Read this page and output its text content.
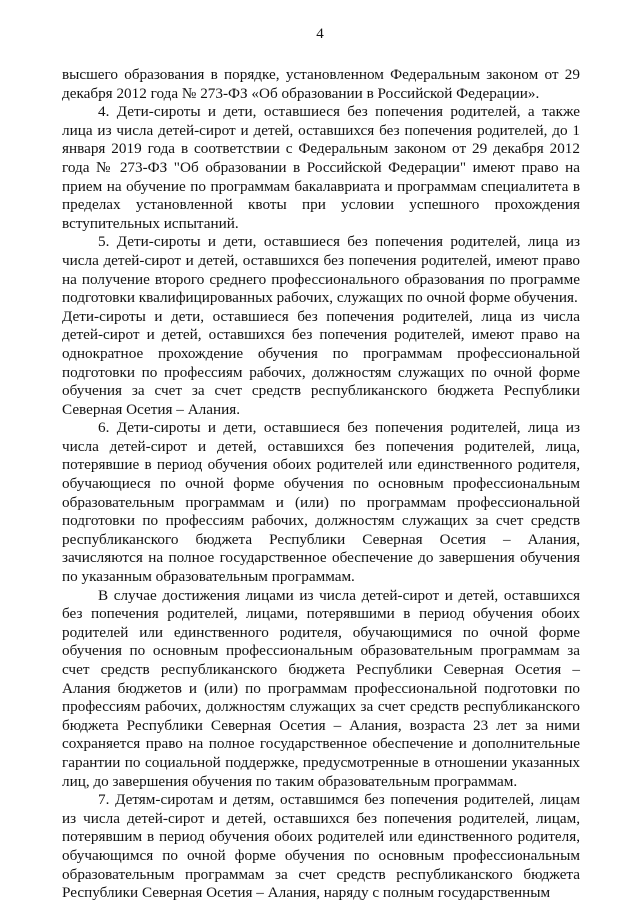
4

высшего образования в порядке, установленном Федеральным законом от 29 декабря 2012 года № 273-ФЗ «Об образовании в Российской Федерации».

4. Дети-сироты и дети, оставшиеся без попечения родителей, а также лица из числа детей-сирот и детей, оставшихся без попечения родителей, до 1 января 2019 года в соответствии с Федеральным законом от 29 декабря 2012 года № 273-ФЗ "Об образовании в Российской Федерации" имеют право на прием на обучение по программам бакалавриата и программам специалитета в пределах установленной квоты при условии успешного прохождения вступительных испытаний.

5. Дети-сироты и дети, оставшиеся без попечения родителей, лица из числа детей-сирот и детей, оставшихся без попечения родителей, имеют право на получение второго среднего профессионального образования по программе подготовки квалифицированных рабочих, служащих по очной форме обучения.

Дети-сироты и дети, оставшиеся без попечения родителей, лица из числа детей-сирот и детей, оставшихся без попечения родителей, имеют право на однократное прохождение обучения по программам профессиональной подготовки по профессиям рабочих, должностям служащих по очной форме обучения за счет за счет средств республиканского бюджета Республики Северная Осетия – Алания.

6. Дети-сироты и дети, оставшиеся без попечения родителей, лица из числа детей-сирот и детей, оставшихся без попечения родителей, лица, потерявшие в период обучения обоих родителей или единственного родителя, обучающиеся по очной форме обучения по основным профессиональным образовательным программам и (или) по программам профессиональной подготовки по профессиям рабочих, должностям служащих за счет средств республиканского бюджета Республики Северная Осетия – Алания, зачисляются на полное государственное обеспечение до завершения обучения по указанным образовательным программам.

В случае достижения лицами из числа детей-сирот и детей, оставшихся без попечения родителей, лицами, потерявшими в период обучения обоих родителей или единственного родителя, обучающимися по очной форме обучения по основным профессиональным образовательным программам за счет средств республиканского бюджета Республики Северная Осетия – Алания бюджетов и (или) по программам профессиональной подготовки по профессиям рабочих, должностям служащих за счет средств республиканского бюджета Республики Северная Осетия – Алания, возраста 23 лет за ними сохраняется право на полное государственное обеспечение и дополнительные гарантии по социальной поддержке, предусмотренные в отношении указанных лиц, до завершения обучения по таким образовательным программам.

7. Детям-сиротам и детям, оставшимся без попечения родителей, лицам из числа детей-сирот и детей, оставшихся без попечения родителей, лицам, потерявшим в период обучения обоих родителей или единственного родителя, обучающимся по очной форме обучения по основным профессиональным образовательным программам за счет средств республиканского бюджета Республики Северная Осетия – Алания, наряду с полным государственным
